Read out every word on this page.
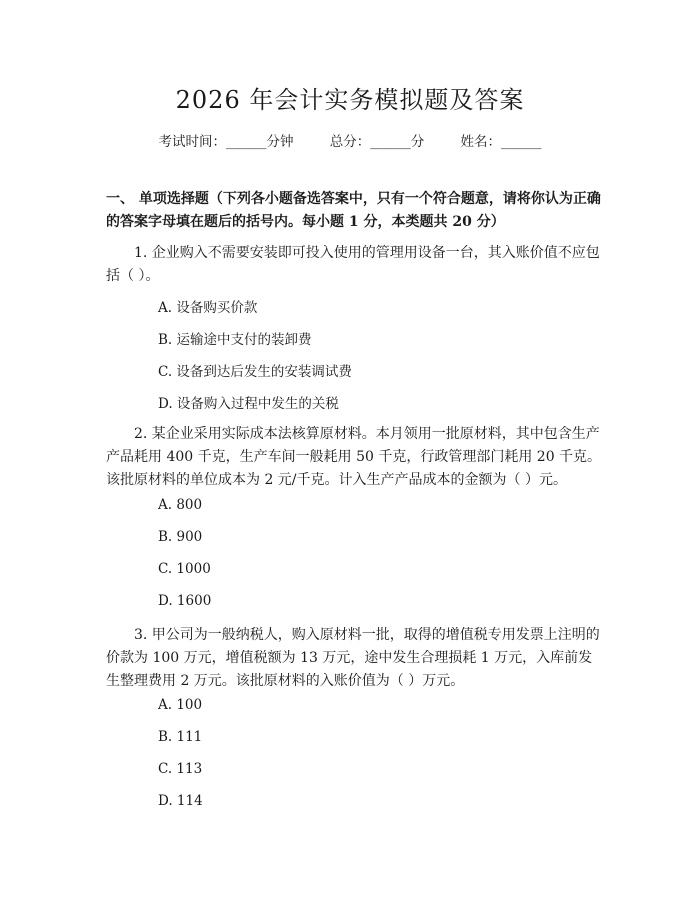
2026 年会计实务模拟题及答案
考试时间：______分钟	总分：______分	姓名：______
一、 单项选择题（下列各小题备选答案中，只有一个符合题意，请将你认为正确的答案字母填在题后的括号内。每小题 1 分，本类题共 20 分）
1. 企业购入不需要安装即可投入使用的管理用设备一台，其入账价值不应包括（ ）。
A. 设备购买价款
B. 运输途中支付的装卸费
C. 设备到达后发生的安装调试费
D. 设备购入过程中发生的关税
2. 某企业采用实际成本法核算原材料。本月领用一批原材料，其中包含生产产品耗用 400 千克，生产车间一般耗用 50 千克，行政管理部门耗用 20 千克。该批原材料的单位成本为 2 元/千克。计入生产产品成本的金额为（ ）元。
A. 800
B. 900
C. 1000
D. 1600
3. 甲公司为一般纳税人，购入原材料一批，取得的增值税专用发票上注明的价款为 100 万元，增值税额为 13 万元，途中发生合理损耗 1 万元，入库前发生整理费用 2 万元。该批原材料的入账价值为（ ）万元。
A. 100
B. 111
C. 113
D. 114
